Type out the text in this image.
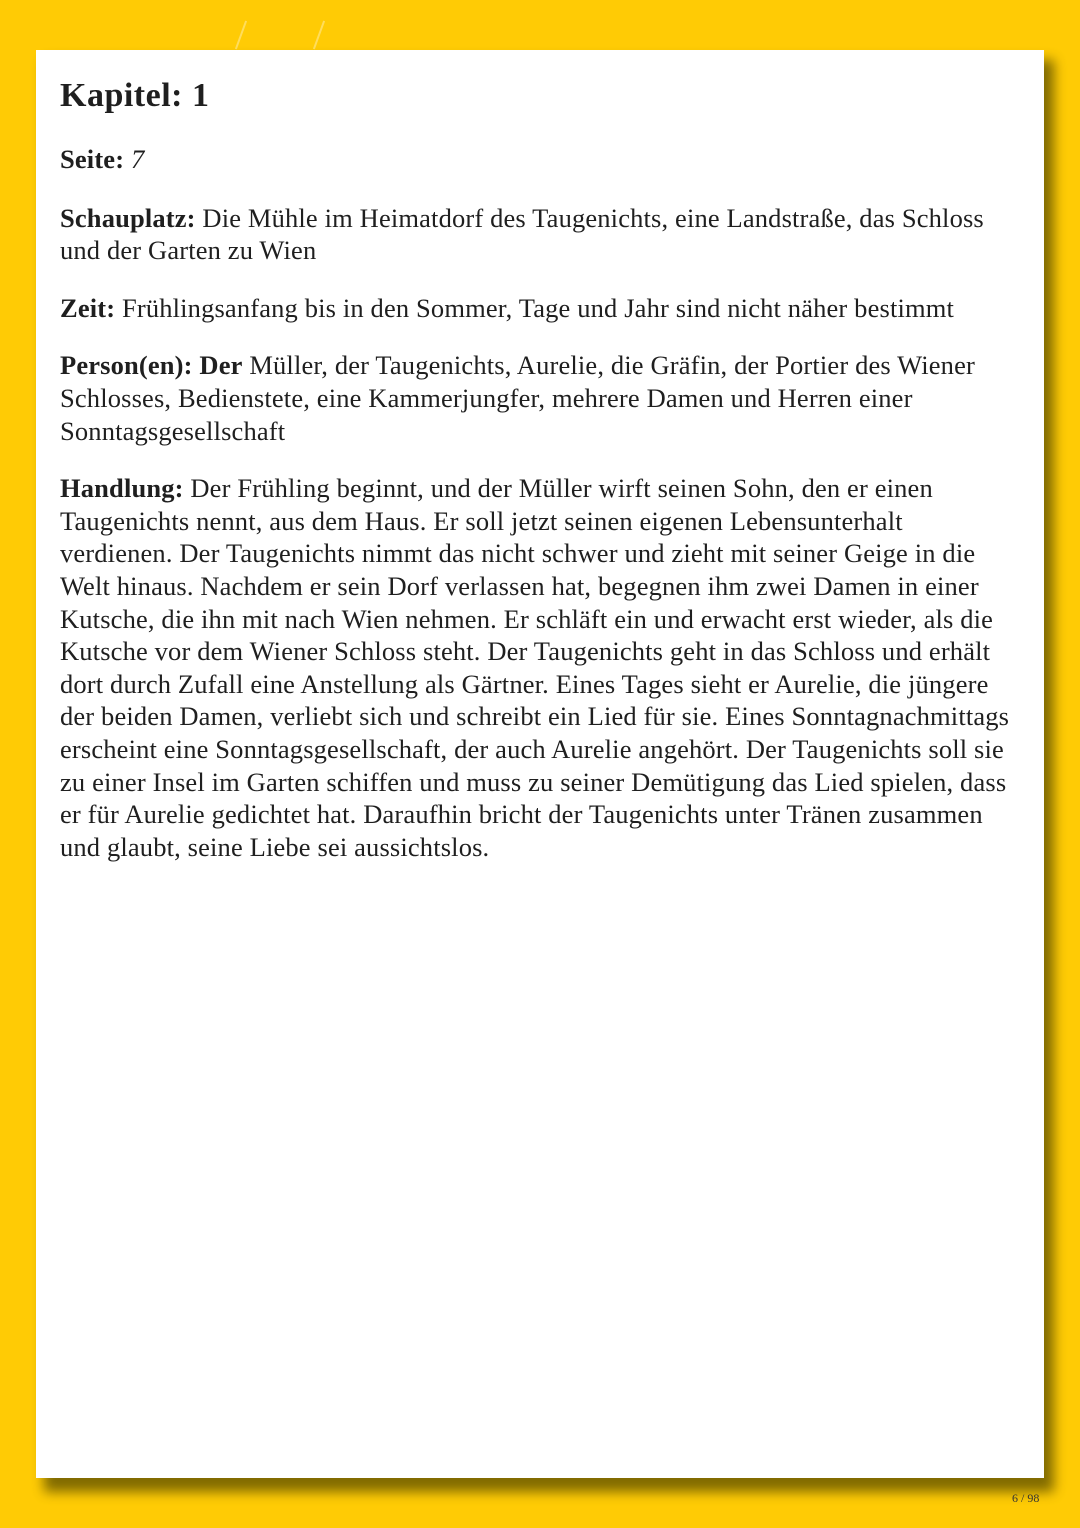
Kapitel: 1

Seite: 7

Schauplatz: Die Mühle im Heimatdorf des Taugenichts, eine Landstraße, das Schloss und der Garten zu Wien

Zeit: Frühlingsanfang bis in den Sommer, Tage und Jahr sind nicht näher bestimmt

Person(en): Der Müller, der Taugenichts, Aurelie, die Gräfin, der Portier des Wiener Schlosses, Bedienstete, eine Kammerjungfer, mehrere Damen und Herren einer Sonntagsgesellschaft

Handlung: Der Frühling beginnt, und der Müller wirft seinen Sohn, den er einen Taugenichts nennt, aus dem Haus. Er soll jetzt seinen eigenen Lebensunterhalt verdienen. Der Taugenichts nimmt das nicht schwer und zieht mit seiner Geige in die Welt hinaus. Nachdem er sein Dorf verlassen hat, begegnen ihm zwei Damen in einer Kutsche, die ihn mit nach Wien nehmen. Er schläft ein und erwacht erst wieder, als die Kutsche vor dem Wiener Schloss steht. Der Taugenichts geht in das Schloss und erhält dort durch Zufall eine Anstellung als Gärtner. Eines Tages sieht er Aurelie, die jüngere der beiden Damen, verliebt sich und schreibt ein Lied für sie. Eines Sonntagnachmittags erscheint eine Sonntagsgesellschaft, der auch Aurelie angehört. Der Taugenichts soll sie zu einer Insel im Garten schiffen und muss zu seiner Demütigung das Lied spielen, dass er für Aurelie gedichtet hat. Daraufhin bricht der Taugenichts unter Tränen zusammen und glaubt, seine Liebe sei aussichtslos.

6 / 98
